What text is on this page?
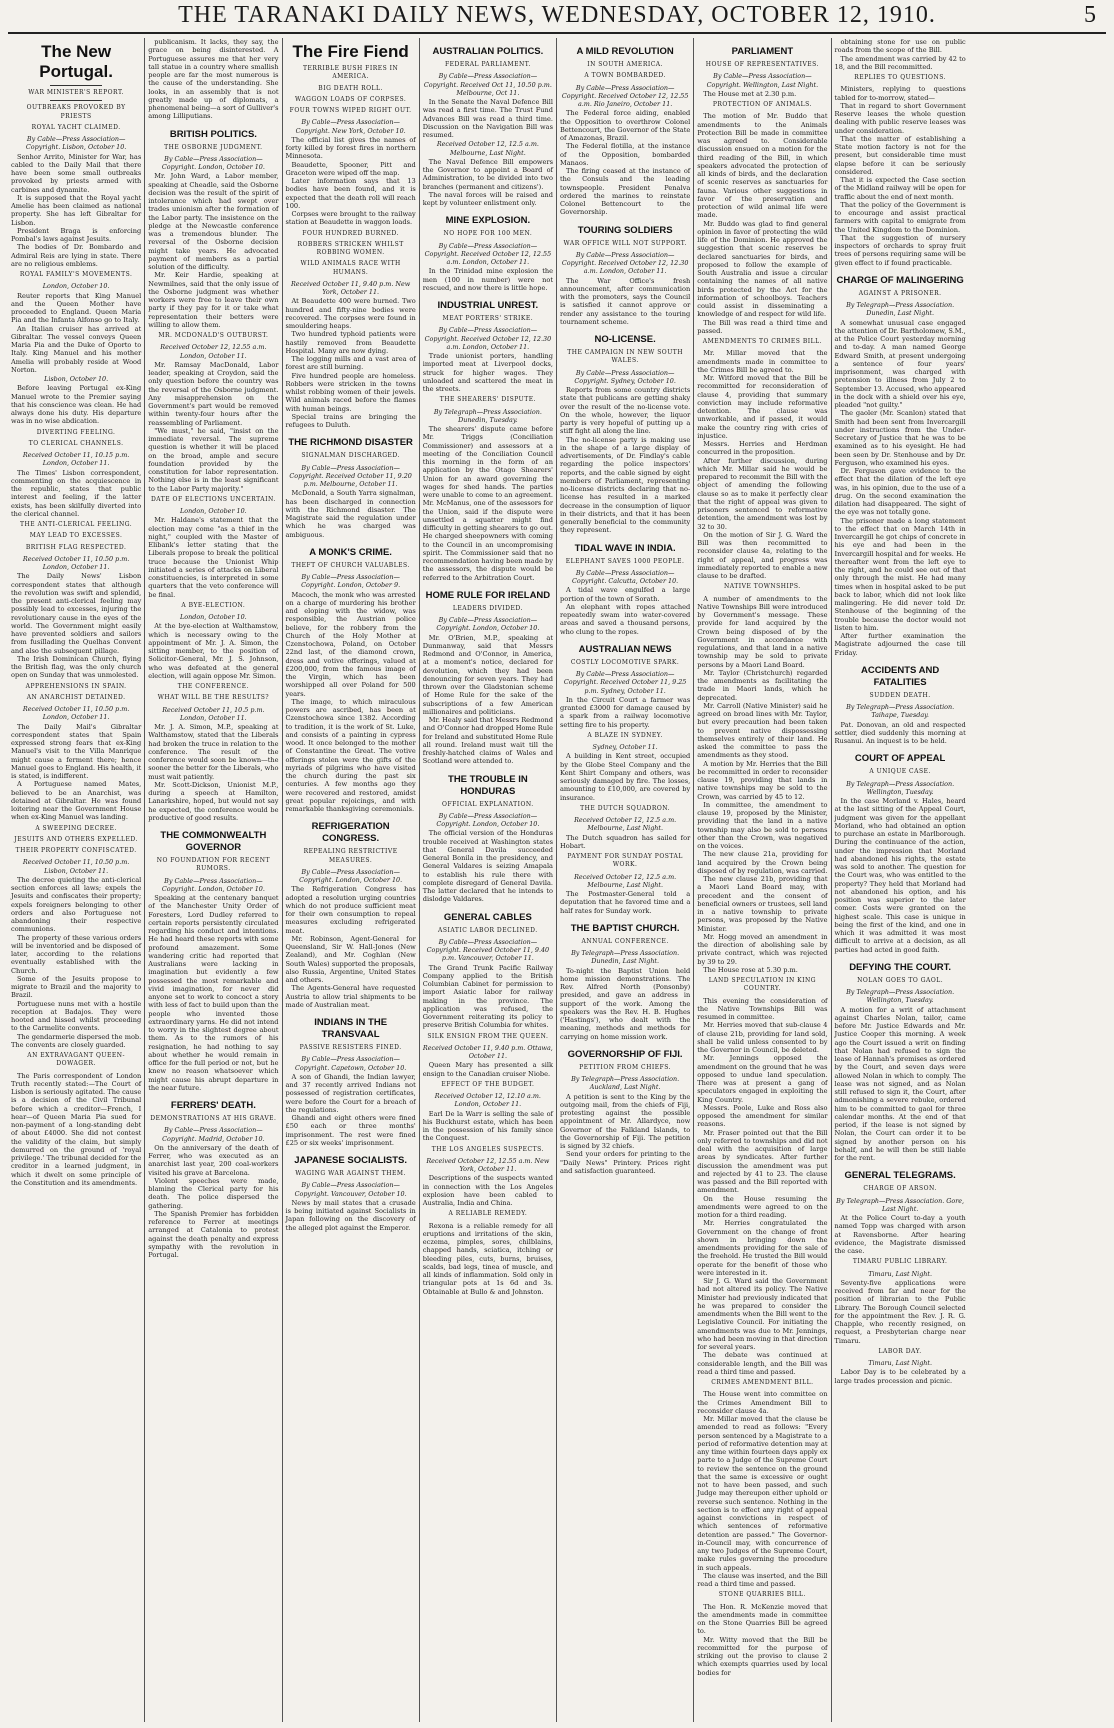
THE TARANAKI DAILY NEWS, WEDNESDAY, OCTOBER 12, 1910.	5
The New Portugal.
WAR MINISTER'S REPORT.
OUTBREAKS PROVOKED BY PRIESTS
ROYAL YACHT CLAIMED.
By Cable—Press Association—Copyright. Lisbon, October 10.

Senhor Arrito, Minister for War, has cabled to the Daily Mail that there have been some small outbreaks provoked by priests armed with carbines and dynamite.

It is supposed that the Royal yacht Amelie has been claimed as national property. She has left Gibraltar for Lisbon.

President Braga is enforcing Pombal's laws against Jesuits.

The bodies of Dr. Bombardo and Admiral Reis are lying in state. There are no religious emblems.

ROYAL FAMILY'S MOVEMENTS.
London, October 10.

Reuter reports that King Manuel and the Queen Mother have proceeded to England. Queen Maria Pia and the Infanta Alfonso go to Italy.

An Italian cruiser has arrived at Gibraltar. The vessel conveys Queen Maria Pia and the Duke of Oporto to Italy. King Manuel and his mother Amelia will probably reside at Wood Norton.

Lisbon, October 10.

Before leaving Portugal ex-King Manuel wrote to the Premier saying that his conscience was clean. He had always done his duty. His departure was in no wise abdication.

DIVERTING FEELING.
TO CLERICAL CHANNELS.
Received October 11, 10.15 p.m. London, October 11.

The Times' Lisbon correspondent, commenting on the acquiescence in the republic, states that public interest and feeling, if the latter exists, has been skilfully diverted into the clerical channel.

THE ANTI-CLERICAL FEELING.
MAY LEAD TO EXCESSES.
BRITISH FLAG RESPECTED.
Received October 11, 10.50 p.m. London, October 11.

The Daily News' Lisbon correspondent states that although the revolution was swift and splendid, the present anti-clerical feeling may possibly lead to excesses, injuring the revolutionary cause in the eyes of the world. The Government might easily have prevented soldiers and sailors from fusillading the Quelhas Convent and also the subsequent pillage.

The Irish Dominican Church, flying the British flag, was the only church open on Sunday that was unmolested.

APPREHENSIONS IN SPAIN.
AN ANARCHIST DETAINED.
Received October 11, 10.50 p.m. London, October 11.

The Daily Mail's Gibraltar correspondent states that Spain expressed strong fears that ex-King Manuel's visit to the Villa Manrique might cause a ferment there; hence Manuel goes to England. His health, it is stated, is indifferent.

A Portuguese named Mates, believed to be an Anarchist, was detained at Gibraltar. He was found loitering near the Government House when ex-King Manuel was landing.

A SWEEPING DECREE.
JESUITS AND OTHERS EXPELLED.
THEIR PROPERTY CONFISCATED.
Received October 11, 10.50 p.m. Lisbon, October 11.

The decree quieting the anti-clerical section enforces all laws; expels the Jesuits and confiscates their property; expels foreigners belonging to other orders and also Portuguese not abandoning their respective communions.

The property of these various orders will be inventoried and be disposed of later, according to the relations eventually established with the Church.

Some of the Jesuits propose to migrate to Brazil and the majority to Brazil.

Portuguese nuns met with a hostile reception at Badajos. They were hooted and hissed whilst proceeding to the Carmelite convents.

The gendarmerie dispersed the mob. The convents are closely guarded.

AN EXTRAVAGANT QUEEN-DOWAGER.

The Paris correspondent of London Truth recently stated:—The Court of Lisbon is seriously agitated. The cause is a decision of the Civil Tribunal before which a creditor—French, I hear—of Queen Maria Pia sued for non-payment of a long-standing debt of about £4000. She did not contest the validity of the claim, but simply demurred on the ground of 'royal privilege.' The tribunal decided for the creditor in a learned judgment, in which it dwelt on some principle of the Constitution and its amendments.

publicanism. It lacks, they say, the grace on being disinterested. A Portuguese assures me that her very tall statue in a country where smallish people are far the most numerous is the cause of the understanding. She looks, in an assembly that is not greatly made up of diplomats, a phenomenal being—a sort of Gulliver's among Lilliputians.

BRITISH POLITICS.
THE OSBORNE JUDGMENT.
By Cable—Press Association—Copyright. London, October 10.

Mr. John Ward, a Labor member, speaking at Cheadle, said the Osborne decision was the result of the spirit of intolerance which had swept over trades unionism after the formation of the Labor party. The insistence on the pledge at the Newcastle conference was a tremendous blunder. The reversal of the Osborne decision might take years. He advocated payment of members as a partial solution of the difficulty.

Mr. Keir Hardie, speaking at Newmilnes, said that the only issue of the Osborne judgment was whether workers were free to leave their own party if they pay for it or take what representation their betters were willing to allow them.

MR. MCDONALD'S OUTBURST.
Received October 12, 12.55 a.m. London, October 11.

Mr. Ramsay MacDonald, Labor leader, speaking at Croydon, said the only question before the country was the reversal of the Osborne judgment. Any misapprehension on the Government's part would be removed within twenty-four hours after the reassembling of Parliament.

"We must," he said, "insist on the immediate reversal. The supreme question is whether it will be placed on the broad, ample and secure foundation provided by the constitution for labor representation. Nothing else is in the least significant to the Labor Party majority."

DATE OF ELECTIONS UNCERTAIN.
London, October 10.

Mr. Haldane's statement that the election may come "as a thief in the night," coupled with the Master of Elibank's letter stating that the Liberals propose to break the political truce because the Unionist Whip initiated a series of attacks on Liberal constituencies, is interpreted in some quarters that the veto conference will be final.

A BYE-ELECTION.
London, October 10.

At the bye-election at Walthamstow, which is necessary owing to the appointment of Mr. J. A. Simon, the sitting member, to the position of Solicitor-General, Mr. J. S. Johnson, who was defeated at the general election, will again oppose Mr. Simon.

THE CONFERENCE.
WHAT WILL BE THE RESULTS?
Received October 11, 10.5 p.m. London, October 11.

Mr. J. A. Simon, M.P., speaking at Walthamstow, stated that the Liberals had broken the truce in relation to the conference. The result of the conference would soon be known—the sooner the better for the Liberals, who must wait patiently.

Mr. Scott-Dickson, Unionist M.P., during a speech at Hamilton, Lanarkshire, hoped, but would not say he expected, the conference would be productive of good results.

THE COMMONWEALTH GOVERNOR
NO FOUNDATION FOR RECENT RUMORS.
By Cable—Press Association—Copyright. London, October 10.

Speaking at the centenary banquet of the Manchester Unity Order of Foresters, Lord Dudley referred to certain reports persistently circulated regarding his conduct and intentions. He had heard these reports with some profound amazement. Some wandering critic had reported that Australians were lacking in imagination but evidently a few possessed the most remarkable and vivid imagination, for never did anyone set to work to concoct a story with less of fact to build upon than the people who invented those extraordinary yarns. He did not intend to worry in the slightest degree about them. As to the rumors of his resignation, he had nothing to say about whether he would remain in office for the full period or not, but he knew no reason whatsoever which might cause his abrupt departure in the near future.

FERRERS' DEATH.
DEMONSTRATIONS AT HIS GRAVE.
By Cable—Press Association—Copyright. Madrid, October 10.

On the anniversary of the death of Ferrer, who was executed as an anarchist last year, 200 coal-workers visited his grave at Barcelona.

Violent speeches were made, blaming the Clerical party for his death. The police dispersed the gathering.

The Spanish Premier has forbidden reference to Ferrer at meetings arranged at Catalonia to protest against the death penalty and express sympathy with the revolution in Portugal.

The Fire Fiend
TERRIBLE BUSH FIRES IN AMERICA.
BIG DEATH ROLL.
WAGGON LOADS OF CORPSES.
FOUR TOWNS WIPED RIGHT OUT.
By Cable—Press Association—Copyright. New York, October 10.

The official list gives the names of forty killed by forest fires in northern Minnesota.

Beaudette, Spooner, Pitt and Graceton were wiped off the map.

Later information says that 13 bodies have been found, and it is expected that the death roll will reach 100.

Corpses were brought to the railway station at Beaudette in waggon loads.

FOUR HUNDRED BURNED.
ROBBERS STRICKEN WHILST ROBBING WOMEN.
WILD ANIMALS RACE WITH HUMANS.
Received October 11, 9.40 p.m. New York, October 11.

At Beaudette 400 were burned. Two hundred and fifty-nine bodies were recovered. The corpses were found in smouldering heaps.

Two hundred typhoid patients were hastily removed from Beaudette Hospital. Many are now dying.

The logging mills and a vast area of forest are still burning.

Five hundred people are homeless. Robbers were stricken in the towns whilst robbing women of their jewels. Wild animals raced before the flames with human beings.

Special trains are bringing the refugees to Duluth.

THE RICHMOND DISASTER
SIGNALMAN DISCHARGED.
By Cable—Press Association—Copyright. Received October 11, 9.20 p.m. Melbourne, October 11.

McDonald, a South Yarra signalman, has been discharged in connection with the Richmond disaster. The Magistrate said the regulation under which he was charged was ambiguous.

A MONK'S CRIME.
THEFT OF CHURCH VALUABLES.
By Cable—Press Association—Copyright. London, October 9.

Macoch, the monk who was arrested on a charge of murdering his brother and eloping with the widow, was responsible, the Austrian police believe, for the robbery from the Church of the Holy Mother at Czenstochowa, Poland, on October 22nd last, of the diamond crown, dress and votive offerings, valued at £200,000, from the famous image of the Virgin, which has been worshipped all over Poland for 500 years.

The image, to which miraculous powers are ascribed, has been at Czenstochowa since 1382. According to tradition, it is the work of St. Luke, and consists of a painting in cypress wood. It once belonged to the mother of Constantine the Great. The votive offerings stolen were the gifts of the myriads of pilgrims who have visited the church during the past six centuries. A few months ago they were recovered and restored, amidst great popular rejoicings, and with remarkable thanksgiving ceremonials.

REFRIGERATION CONGRESS.
REPEALING RESTRICTIVE MEASURES.
By Cable—Press Association—Copyright. London, October 10.

The Refrigeration Congress has adopted a resolution urging countries which do not produce sufficient meat for their own consumption to repeal measures excluding refrigerated meat.

Mr. Robinson, Agent-General for Queensland, Sir W. Hall-Jones (New Zealand), and Mr. Coghlan (New South Wales) supported the proposals, also Russia, Argentine, United States and others.

The Agents-General have requested Austria to allow trial shipments to be made of Australian meat.

INDIANS IN THE TRANSVAAL
PASSIVE RESISTERS FINED.
By Cable—Press Association—Copyright. Capetown, October 10.

A son of Ghandi, the Indian lawyer, and 37 recently arrived Indians not possessed of registration certificates, were before the Court for a breach of the regulations.

Ghandi and eight others were fined £50 each or three months' imprisonment. The rest were fined £25 or six weeks' imprisonment.

JAPANESE SOCIALISTS.
WAGING WAR AGAINST THEM.
By Cable—Press Association—Copyright. Vancouver, October 10.

News by mail states that a crusade is being initiated against Socialists in Japan following on the discovery of the alleged plot against the Emperor.

AUSTRALIAN POLITICS.
FEDERAL PARLIAMENT.
By Cable—Press Association—Copyright. Received Oct 11, 10.50 p.m. Melbourne, Oct 11.

In the Senate the Naval Defence Bill was read a first time. The Trust Fund Advances Bill was read a third time. Discussion on the Navigation Bill was resumed.

Received October 12, 12.5 a.m. Melbourne, Last Night.

The Naval Defence Bill empowers the Governor to appoint a Board of Administration, to be divided into two branches (permanent and citizens').

The naval forces will be raised and kept by volunteer enlistment only.

MINE EXPLOSION.
NO HOPE FOR 100 MEN.
By Cable—Press Association—Copyright. Received October 12, 12.55 a.m. London, October 11.

In the Trinidad mine explosion the men (100 in number) were not rescued, and now there is little hope.

INDUSTRIAL UNREST.
MEAT PORTERS' STRIKE.
By Cable—Press Association—Copyright. Received October 12, 12.30 a.m. London, October 11.

Trade unionist porters, handling imported meat at Liverpool docks, struck for higher wages. They unloaded and scattered the meat in the streets.

THE SHEARERS' DISPUTE.
By Telegraph—Press Association. Dunedin, Tuesday.

The shearers' dispute came before Mr. Triggs (Conciliation Commissioner) and assessors at a meeting of the Conciliation Council this morning in the form of an application by the Otago Shearers' Union for an award governing the wages for shed hands. The parties were unable to come to an agreement. Mr. McManus, one of the assessors for the Union, said if the dispute were unsettled a squatter might find difficulty in getting shearers to go out. He charged sheepowners with coming to the Council in an uncompromising spirit. The Commissioner said that no recommendation having been made by the assessors, the dispute would be referred to the Arbitration Court.

HOME RULE FOR IRELAND
LEADERS DIVIDED.
By Cable—Press Association—Copyright. London, October 10.

Mr. O'Brien, M.P., speaking at Dunmanway, said that Messrs Redmond and O'Connor, in America, at a moment's notice, declared for devolution, which they had been denouncing for seven years. They had thrown over the Gladstonian scheme of Home Rule for the sake of the subscriptions of a few American millionaires and politicians.

Mr. Healy said that Messrs Redmond and O'Connor had dropped Home Rule for Ireland and substituted Home Rule all round. Ireland must wait till the freshly-hatched claims of Wales and Scotland were attended to.

THE TROUBLE IN HONDURAS
OFFICIAL EXPLANATION.
By Cable—Press Association—Copyright. London, October 10.

The official version of the Honduras trouble received at Washington states that General Davila succeeded General Bonila in the presidency, and General Valdares is seizing Amapala to establish his rule there with complete disregard of General Davila. The latter declared that he intends to dislodge Valdares.

GENERAL CABLES
ASIATIC LABOR DECLINED.
By Cable—Press Association—Copyright. Received October 11, 9.40 p.m. Vancouver, October 11.

The Grand Trunk Pacific Railway Company applied to the British Columbian Cabinet for permission to import Asiatic labor for railway making in the province. The application was refused, the Government reiterating its policy to preserve British Columbia for whites.

SILK ENSIGN FROM THE QUEEN.
Received October 11, 9.40 p.m. Ottawa, October 11.

Queen Mary has presented a silk ensign to the Canadian cruiser Niobe.

EFFECT OF THE BUDGET.
Received October 12, 12.10 a.m. London, October 11.

Earl De la Warr is selling the sale of his Buckhurst estate, which has been in the possession of his family since the Conquest.

THE LOS ANGELES SUSPECTS.
Received October 12, 12.55 a.m. New York, October 11.

Descriptions of the suspects wanted in connection with the Los Angeles explosion have been cabled to Australia, India and China.

A RELIABLE REMEDY.

Rexona is a reliable remedy for all eruptions and irritations of the skin, eczema, pimples, sores, chilblains, chapped hands, sciatica, itching or bleeding piles, cuts, burns, bruises, scalds, bad legs, tinea of muscle, and all kinds of inflammation. Sold only in triangular pots at 1s 6d and 3s. Obtainable at Bullo & and Johnston.

A MILD REVOLUTION
IN SOUTH AMERICA.
A TOWN BOMBARDED.
By Cable—Press Association—Copyright. Received October 12, 12.55 a.m. Rio Janeiro, October 11.

The Federal force aiding, enabled the Opposition to overthrow Colonel Bettencourt, the Governor of the State of Amazonas, Brazil.

The Federal flotilla, at the instance of the Opposition, bombarded Manaos.

The firing ceased at the instance of the Consuls and the leading townspeople. President Penalva ordered the marines to reinstate Colonel Bettencourt to the Governorship.

TOURING SOLDIERS
WAR OFFICE WILL NOT SUPPORT.
By Cable—Press Association—Copyright. Received October 12, 12.30 a.m. London, October 11.

The War Office's fresh announcement, after communication with the promoters, says the Council is satisfied it cannot approve or render any assistance to the touring tournament scheme.

NO-LICENSE.
THE CAMPAIGN IN NEW SOUTH WALES.
By Cable—Press Association—Copyright. Sydney, October 10.

Reports from some country districts state that publicans are getting shaky over the result of the no-license vote. On the whole, however, the liquor party is very hopeful of putting up a stiff fight all along the line.

The no-license party is making use in the shape of a large display of advertisements, of Dr. Findlay's cable regarding the police inspectors' reports, and the cable signed by eight members of Parliament, representing no-license districts declaring that no-license has resulted in a marked decrease in the consumption of liquor in their districts, and that it has been generally beneficial to the community they represent.

TIDAL WAVE IN INDIA.
ELEPHANT SAVES 1000 PEOPLE.
By Cable—Press Association—Copyright. Calcutta, October 10.

A tidal wave engulfed a large portion of the town of Sorath.

An elephant with ropes attached repeatedly swam into water-covered areas and saved a thousand persons, who clung to the ropes.

AUSTRALIAN NEWS
COSTLY LOCOMOTIVE SPARK.
By Cable—Press Association—Copyright. Received October 11, 9.25 p.m. Sydney, October 11.

In the Circuit Court a farmer was granted £3000 for damage caused by a spark from a railway locomotive setting fire to his property.

A BLAZE IN SYDNEY.
Sydney, October 11.

A building in Kent street, occupied by the Globe Steel Company and the Kent Shirt Company and others, was seriously damaged by fire. The losses, amounting to £10,000, are covered by insurance.

THE DUTCH SQUADRON.
Received October 12, 12.5 a.m. Melbourne, Last Night.

The Dutch squadron has sailed for Hobart.

PAYMENT FOR SUNDAY POSTAL WORK.
Received October 12, 12.5 a.m. Melbourne, Last Night.

The Postmaster-General told a deputation that he favored time and a half rates for Sunday work.

THE BAPTIST CHURCH.
ANNUAL CONFERENCE.
By Telegraph—Press Association. Dunedin, Last Night.

To-night the Baptist Union held home mission demonstrations. The Rev. Alfred North (Ponsonby) presided, and gave an address in support of the work. Among the speakers was the Rev. H. B. Hughes ('Hastings'), who dealt with the meaning, methods and methods for carrying on home mission work.

GOVERNORSHIP OF FIJI.
PETITION FROM CHIEFS.
By Telegraph—Press Association. Auckland, Last Night.

A petition is sent to the King by the outgoing mail, from the chiefs of Fiji, protesting against the possible appointment of Mr. Allardyce, now Governor of the Falkland Islands, to the Governorship of Fiji. The petition is signed by 32 chiefs.

Send your orders for printing to the "Daily News" Printery. Prices right and satisfaction guaranteed.

PARLIAMENT
HOUSE OF REPRESENTATIVES.
By Cable—Press Association—Copyright. Wellington, Last Night.

The House met at 2.30 p.m.

PROTECTION OF ANIMALS.

The motion of Mr. Buddo that amendments to the Animals Protection Bill be made in committee was agreed to. Considerable discussion ensued on a motion for the third reading of the Bill, in which speakers advocated the protection of all kinds of birds, and the declaration of scenic reserves as sanctuaries for fauna. Various other suggestions in favor of the preservation and protection of wild animal life were made.

Mr. Buddo was glad to find general opinion in favor of protecting the wild life of the Dominion. He approved the suggestion that scenic reserves be declared sanctuaries for birds, and proposed to follow the example of South Australia and issue a circular containing the names of all native birds protected by the Act for the information of schoolboys. Teachers could assist in disseminating a knowledge of and respect for wild life.

The Bill was read a third time and passed.

AMENDMENTS TO CRIMES BILL.

Mr. Millar moved that the amendments made in committee to the Crimes Bill be agreed to.

Mr. Witford moved that the Bill be recommitted for reconsideration of clause 4, providing that summary conviction may include reformative detention. The clause was unworkable, and if passed, it would make the country ring with cries of injustice.

Messrs. Herries and Herdman concurred in the proposition.

After further discussion, during which Mr. Millar said he would be prepared to recommit the Bill with the object of amending the following clause so as to make it perfectly clear that the right of appeal was given to prisoners sentenced to reformative detention, the amendment was lost by 32 to 30.

On the motion of Sir J. G. Ward the Bill was then recommitted to reconsider clause 4a, relating to the right of appeal, and progress was immediately reported to enable a new clause to be drafted.

NATIVE TOWNSHIPS.

A number of amendments to the Native Townships Bill were introduced by Government's message. These provide for land acquired by the Crown being disposed of by the Government in accordance with regulations, and that land in a native township may be sold to private persons by a Maori Land Board.

Mr. Taylor (Christchurch) regarded the amendments as facilitating the trade in Maori lands, which he deprecated.

Mr. Carroll (Native Minister) said he agreed on broad lines with Mr. Taylor, but every precaution had been taken to prevent native dispossessing themselves entirely of their land. He asked the committee to pass the amendments as they stood.

A motion by Mr. Herries that the Bill be recommitted in order to reconsider clause 19, providing that lands in native townships may be sold to the Crown, was carried by 45 to 12.

In committee, the amendment to clause 19, proposed by the Minister, providing that the land in a native township may also be sold to persons other than the Crown, was negatived on the voices.

The new clause 21a, providing for land acquired by the Crown being disposed of by regulation, was carried.

The new clause 21b, providing that a Maori Land Board may, with precedent and the consent of beneficial owners or trustees, sell land in a native township to private persons, was proposed by the Native Minister.

Mr. Hogg moved an amendment in the direction of abolishing sale by private contract, which was rejected by 39 to 29.

The House rose at 5.30 p.m.

LAND SPECULATION IN KING COUNTRY.

This evening the consideration of the Native Townships Bill was resumed in committee.

Mr. Herries moved that sub-clause 4 of clause 21b, providing for land sold, shall be valid unless consented to by the Governor in Council, be deleted.

Mr. Jennings opposed the amendment on the ground that he was opposed to undue land speculation. There was at present a gang of speculators engaged in exploiting the King Country.

Messrs. Poole, Luke and Ross also opposed the amendment for similar reasons.

Mr. Fraser pointed out that the Bill only referred to townships and did not deal with the acquisition of large areas by syndicates. After further discussion the amendment was put and rejected by 41 to 23. The clause was passed and the Bill reported with amendment.

On the House resuming the amendments were agreed to on the motion for a third reading.

Mr. Herries congratulated the Government on the change of front shown in bringing down the amendments providing for the sale of the freehold. He trusted the Bill would operate for the benefit of those who were interested in it.

Sir J. G. Ward said the Government had not altered its policy. The Native Minister had previously indicated that he was prepared to consider the amendments when the Bill went to the Legislative Council. For initiating the amendments was due to Mr. Jennings, who had been moving in that direction for several years.

The debate was continued at considerable length, and the Bill was read a third time and passed.

CRIMES AMENDMENT BILL.

The House went into committee on the Crimes Amendment Bill to reconsider clause 4a.

Mr. Millar moved that the clause be amended to read as follows: "Every person sentenced by a Magistrate to a period of reformative detention may at any time within fourteen days apply ex parte to a Judge of the Supreme Court to review the sentence on the ground that the same is excessive or ought not to have been passed, and such Judge may thereupon either uphold or reverse such sentence. Nothing in the section is to effect any right of appeal against convictions in respect of which sentences of reformative detention are passed." The Governor-in-Council may, with concurrence of any two Judges of the Supreme Court, make rules governing the procedure in such appeals.

The clause was inserted, and the Bill read a third time and passed.

STONE QUARRIES BILL.

The Hon. R. McKenzie moved that the amendments made in committee on the Stone Quarries Bill be agreed to.

Mr. Witty moved that the Bill be recommitted for the purpose of striking out the proviso to clause 2 which exempts quarries used by local bodies for

obtaining stone for use on public roads from the scope of the Bill.

The amendment was carried by 42 to 18, and the Bill recommitted.

REPLIES TO QUESTIONS.

Ministers, replying to questions tabled for to-morrow, stated—

That in regard to short Government Reserve leases the whole question dealing with public reserve leases was under consideration.

That the matter of establishing a State motion factory is not for the present, but considerable time must elapse before it can be seriously considered.

That it is expected the Case section of the Midland railway will be open for traffic about the end of next month.

That the policy of the Government is to encourage and assist practical farmers with capital to emigrate from the United Kingdom to the Dominion.

That the suggestion of nursery inspectors of orchards to spray fruit trees of persons requiring same will be given effect to if found practicable.

CHARGE OF MALINGERING
AGAINST A PRISONER.
By Telegraph—Press Association. Dunedin, Last Night.

A somewhat unusual case engaged the attention of Dr. Bartholomew, S.M., at the Police Court yesterday morning and to-day. A man named George Edward Smith, at present undergoing a sentence of four years' imprisonment, was charged with pretension to illness from July 2 to September 13. Accused, who appeared in the dock with a shield over his eye, pleaded "not guilty."

The gaoler (Mr. Scanlon) stated that Smith had been sent from Invercargill under instructions from the Under-Secretary of Justice that he was to be examined as to his eyesight. He had been seen by Dr. Stenhouse and by Dr. Ferguson, who examined his eyes.

Dr. Ferguson gave evidence to the effect that the dilation of the left eye was, in his opinion, due to the use of a drug. On the second examination the dilation had disappeared. The sight of the eye was not totally gone.

The prisoner made a long statement to the effect that on March 14th in Invercargill he got chips of concrete in his eye and had been in the Invercargill hospital and for weeks. He thereafter went from the left eye to the right, and he could see out of that only through the mist. He had many times when in hospital asked to be put back to labor, which did not look like malingering. He did never told Dr. Stenhouse of the beginning of the trouble because the doctor would not listen to him.

After further examination the Magistrate adjourned the case till Friday.

ACCIDENTS AND FATALITIES
SUDDEN DEATH.
By Telegraph—Press Association. Taihape, Tuesday.

Pat. Donovan, an old and respected settler, died suddenly this morning at Rusanui. An inquest is to be held.

COURT OF APPEAL
A UNIQUE CASE.
By Telegraph—Press Association. Wellington, Tuesday.

In the case Morland v. Hales, heard at the last sitting of the Appeal Court, judgment was given for the appellant Morland, who had obtained an option to purchase an estate in Marlborough. During the continuance of the action, under the impression that Morland had abandoned his rights, the estate was sold to another. The question for the Court was, who was entitled to the property? They held that Morland had not abandoned his option, and his position was superior to the later comer. Costs were granted on the highest scale. This case is unique in being the first of the kind, and one in which it was admitted it was most difficult to arrive at a decision, as all parties had acted in good faith.

DEFYING THE COURT.
NOLAN GOES TO GAOL.
By Telegraph—Press Association. Wellington, Tuesday.

A motion for a writ of attachment against Charles Nolan, tailor, came before Mr. Justice Edwards and Mr. Justice Cooper this morning. A week ago the Court issued a writ on finding that Nolan had refused to sign the lease of Hannah's premises as ordered by the Court, and seven days were allowed Nolan in which to comply. The lease was not signed, and as Nolan still refused to sign it, the Court, after admonishing a severe rebuke, ordered him to be committed to gaol for three calendar months. At the end of that period, if the lease is not signed by Nolan, the Court can order it to be signed by another person on his behalf, and he will then be still liable for the rent.

GENERAL TELEGRAMS.
CHARGE OF ARSON.
By Telegraph—Press Association. Gore, Last Night.

At the Police Court to-day a youth named Topp was charged with arson at Ravensborne. After hearing evidence, the Magistrate dismissed the case.

TIMARU PUBLIC LIBRARY.
Timaru, Last Night.

Seventy-five applications were received from far and near for the position of librarian to the Public Library. The Borough Council selected for the appointment the Rev. J. R. G. Chapple, who recently resigned, on request, a Presbyterian charge near Timaru.

LABOR DAY.
Timaru, Last Night.

Labor Day is to be celebrated by a large trades procession and picnic.
